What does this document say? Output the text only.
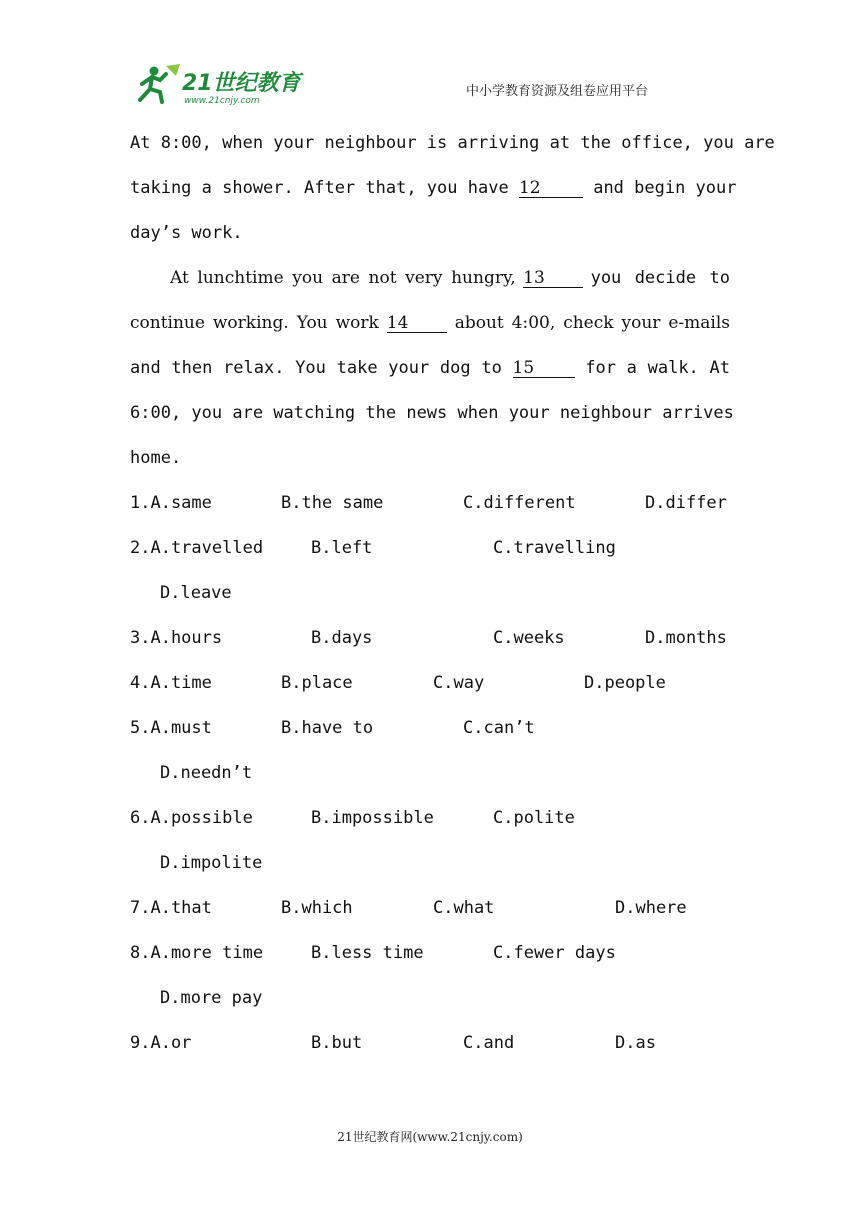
21世纪教育
www.21cnjy.com
中小学教育资源及组卷应用平台
At 8:00, when your neighbour is arriving at the office, you are
taking a shower. After that, you have 12	and begin your
day’s work.
At lunchtime you are not very hungry, 13	you decide to
continue working. You work 14	about 4:00, check your e-mails
and then relax. You take your dog to 15	for a walk. At
6:00, you are watching the news when your neighbour arrives
home.
1.A.same	B.the same	C.different	D.differ
2.A.travelled	B.left	C.travelling
D.leave
3.A.hours	B.days	C.weeks	D.months
4.A.time	B.place	C.way	D.people
5.A.must	B.have to	C.can’t
D.needn’t
6.A.possible	B.impossible	C.polite
D.impolite
7.A.that	B.which	C.what	D.where
8.A.more time	B.less time	C.fewer days
D.more pay
9.A.or	B.but	C.and	D.as
21世纪教育网(www.21cnjy.com)
